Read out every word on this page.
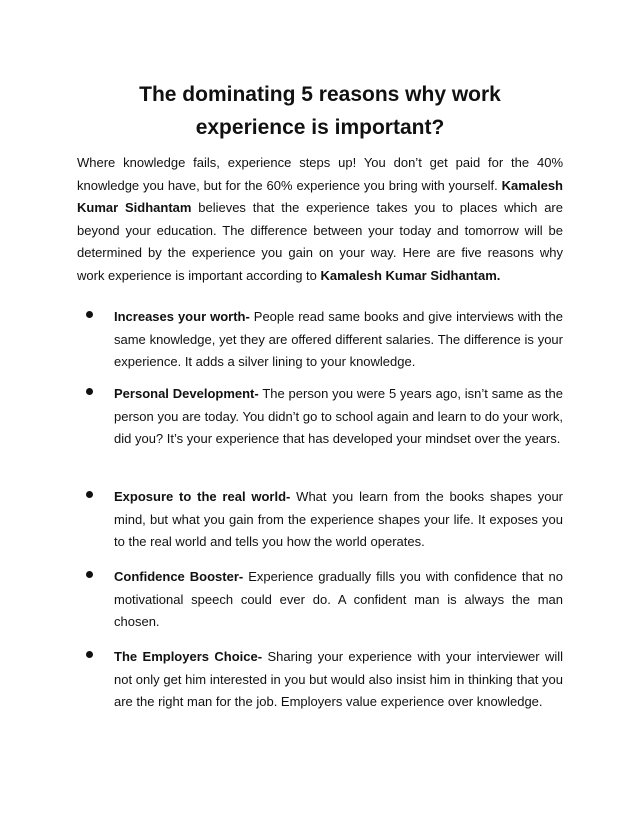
The dominating 5 reasons why work
experience is important?

Where knowledge fails, experience steps up! You don’t get paid for the 40% knowledge you have, but for the 60% experience you bring with yourself. Kamalesh Kumar Sidhantam believes that the experience takes you to places which are beyond your education. The difference between your today and tomorrow will be determined by the experience you gain on your way. Here are five reasons why work experience is important according to Kamalesh Kumar Sidhantam.

Increases your worth- People read same books and give interviews with the same knowledge, yet they are offered different salaries. The difference is your experience. It adds a silver lining to your knowledge.

Personal Development- The person you were 5 years ago, isn’t same as the person you are today. You didn’t go to school again and learn to do your work, did you? It’s your experience that has developed your mindset over the years.

Exposure to the real world- What you learn from the books shapes your mind, but what you gain from the experience shapes your life. It exposes you to the real world and tells you how the world operates.

Confidence Booster- Experience gradually fills you with confidence that no motivational speech could ever do. A confident man is always the man chosen.

The Employers Choice- Sharing your experience with your interviewer will not only get him interested in you but would also insist him in thinking that you are the right man for the job. Employers value experience over knowledge.
